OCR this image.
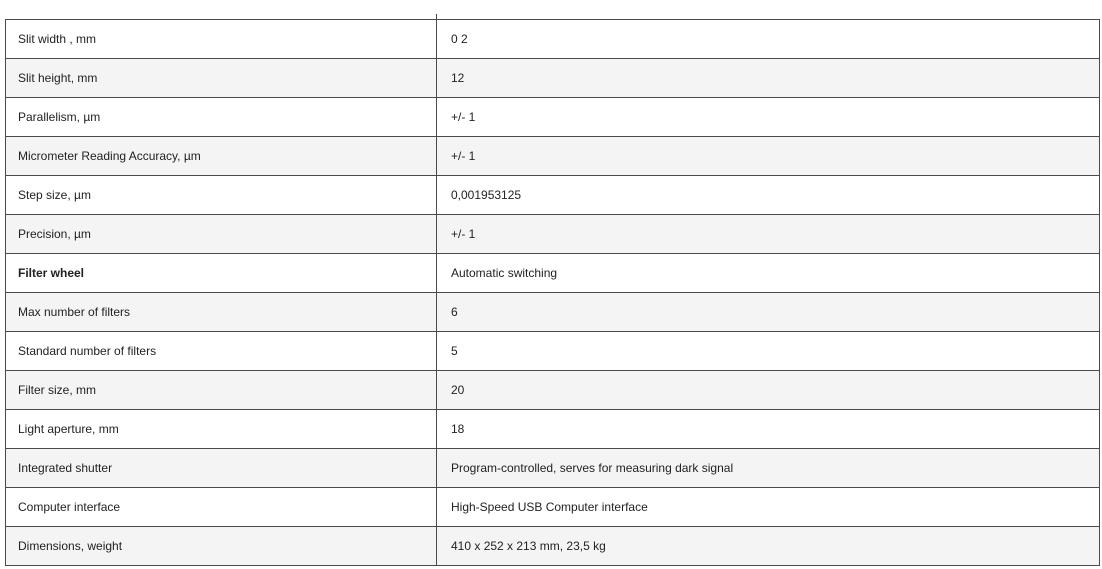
Slit width , mm	0 2
Slit height, mm	12
Parallelism, µm	+/- 1
Micrometer Reading Accuracy, µm	+/- 1
Step size, µm	0,001953125
Precision, µm	+/- 1
Filter wheel	Automatic switching
Max number of filters	6
Standard number of filters	5
Filter size, mm	20
Light aperture, mm	18
Integrated shutter	Program-controlled, serves for measuring dark signal
Computer interface	High-Speed USB Computer interface
Dimensions, weight	410 x 252 x 213 mm, 23,5 kg
